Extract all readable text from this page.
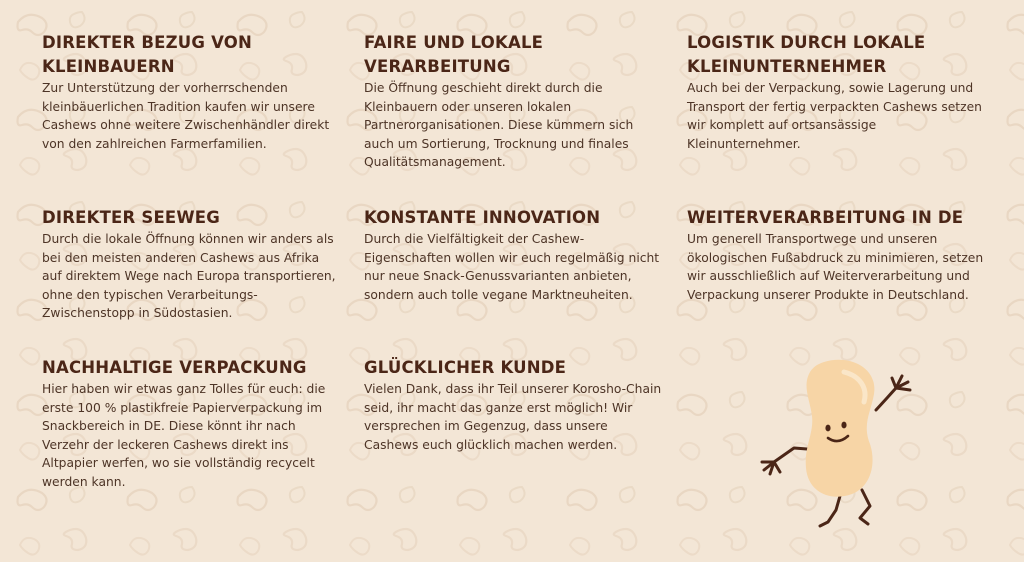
DIREKTER BEZUG VON KLEINBAUERN

Zur Unterstützung der vorherrschenden kleinbäuerlichen Tradition kaufen wir unsere Cashews ohne weitere Zwischenhändler direkt von den zahlreichen Farmerfamilien.

FAIRE UND LOKALE VERARBEITUNG

Die Öffnung geschieht direkt durch die Kleinbauern oder unseren lokalen Partnerorganisationen. Diese kümmern sich auch um Sortierung, Trocknung und finales Qualitätsmanagement.

LOGISTIK DURCH LOKALE KLEINUNTERNEHMER

Auch bei der Verpackung, sowie Lagerung und Transport der fertig verpackten Cashews setzen wir komplett auf ortsansässige Kleinunternehmer.

DIREKTER SEEWEG

Durch die lokale Öffnung können wir anders als bei den meisten anderen Cashews aus Afrika auf direktem Wege nach Europa transportieren, ohne den typischen Verarbeitungs-Zwischenstopp in Südostasien.

KONSTANTE INNOVATION

Durch die Vielfältigkeit der Cashew-Eigenschaften wollen wir euch regelmäßig nicht nur neue Snack-Genussvarianten anbieten, sondern auch tolle vegane Marktneuheiten.

WEITERVERARBEITUNG IN DE

Um generell Transportwege und unseren ökologischen Fußabdruck zu minimieren, setzen wir ausschließlich auf Weiterverarbeitung und Verpackung unserer Produkte in Deutschland.

NACHHALTIGE VERPACKUNG

Hier haben wir etwas ganz Tolles für euch: die erste 100 % plastikfreie Papierverpackung im Snackbereich in DE. Diese könnt ihr nach Verzehr der leckeren Cashews direkt ins Altpapier werfen, wo sie vollständig recycelt werden kann.

GLÜCKLICHER KUNDE

Vielen Dank, dass ihr Teil unserer Korosho-Chain seid, ihr macht das ganze erst möglich! Wir versprechen im Gegenzug, dass unsere Cashews euch glücklich machen werden.
